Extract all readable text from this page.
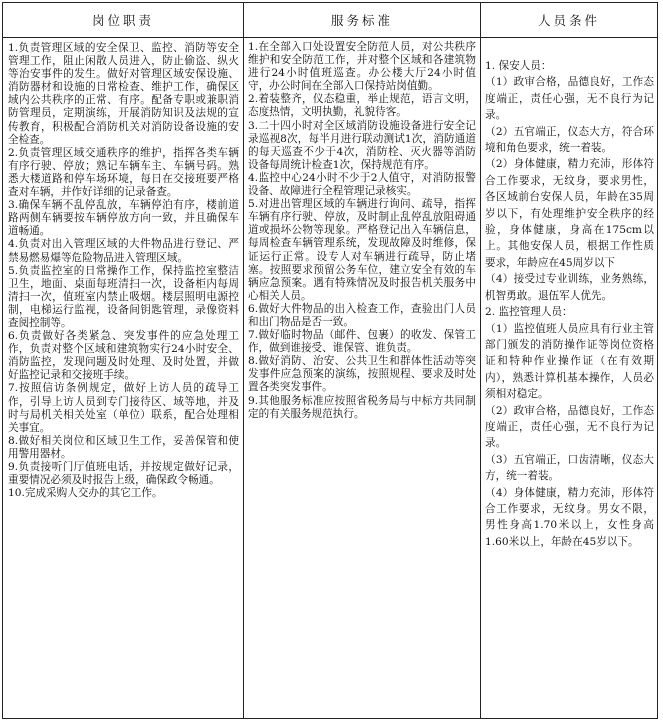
岗位职责	服务标准	人员条件

1.负责管理区域的安全保卫、监控、消防等安全管理工作，阻止闲散人员进入，防止偷盗、纵火等治安事件的发生。做好对管理区域安保设施、消防器材和设施的日常检查、维护工作，确保区域内公共秩序的正常、有序。配备专职或兼职消防管理员，定期演练，开展消防知识及法规的宣传教育，积极配合消防机关对消防设备设施的安全检查。

2.负责管理区域交通秩序的维护，指挥各类车辆有序行驶、停放；熟记车辆车主、车辆号码。熟悉大楼道路和停车场环境，每日在交接班要严格查对车辆，并作好详细的记录备查。

3.确保车辆不乱停乱放，车辆停泊有序，楼前道路两侧车辆要按车辆停放方向一致，并且确保车道畅通。

4.负责对出入管理区域的大件物品进行登记、严禁易燃易爆等危险物品进入管理区域。

5.负责监控室的日常操作工作，保持监控室整洁卫生，地面、桌面每班清扫一次，设备柜内每周清扫一次，值班室内禁止吸烟。楼层照明电源控制，电梯运行监视，设备间钥匙管理，录像资料查阅控制等。

6.负责做好各类紧急、突发事件的应急处理工作，负责对整个区域和建筑物实行24小时安全、消防监控，发现问题及时处理、及时处置，并做好监控记录和交接班手续。

7.按照信访条例规定，做好上访人员的疏导工作，引导上访人员到专门接待区、域等地，并及时与局机关相关处室（单位）联系，配合处理相关事宜。

8.做好相关岗位和区域卫生工作，妥善保管和使用警用器材。

9.负责接听门厅值班电话，并按规定做好记录，重要情况必须及时报告上级，确保政令畅通。

10.完成采购人交办的其它工作。

1.在全部入口处设置安全防范人员，对公共秩序维护和安全防范工作，并对整个区域和各建筑物进行24小时值班巡查。办公楼大厅24小时值守，办公时间在全部入口保持站岗值勤。

2.着装整齐，仪态稳重，举止规范，语言文明，态度热情，文明执勤，礼貌待客。

3.二十四小时对全区域消防设施设备进行安全记录巡视8次，每半月进行联动测试1次，消防通道的每天巡查不少于4次，消防栓、灭火器等消防设备每周统计检查1次，保持规范有序。

4.监控中心24小时不少于2人值守，对消防报警设备、故障进行全程管理记录核实。

5.对进出管理区域的车辆进行询问、疏导，指挥车辆有序行驶、停放，及时制止乱停乱放阻碍通道或损坏公物等现象。严格登记出入车辆信息，每周检查车辆管理系统，发现故障及时维修，保证运行正常。设专人对车辆进行疏导，防止堵塞。按照要求预留公务车位，建立安全有效的车辆应急预案。遇有特殊情况及时报告机关服务中心相关人员。

6.做好大件物品的出入检查工作，查验出门人员和出门物品是否一致。

7.做好临时物品（邮件、包裹）的收发、保管工作，做到谁接受、谁保管、谁负责。

8.做好消防、治安、公共卫生和群体性活动等突发事件应急预案的演练，按照规程、要求及时处置各类突发事件。

9.其他服务标准应按照省税务局与中标方共同制定的有关服务规范执行。

1. 保安人员：

（1）政审合格，品德良好，工作态度端正，责任心强，无不良行为记录。

（2）五官端正，仪态大方，符合环境和角色要求，统一着装。

（2）身体健康，精力充沛，形体符合工作要求，无纹身，要求男性，各区域前台安保人员，年龄在35周岁以下，有处理维护安全秩序的经验，身体健康，身高在175cm以上。其他安保人员，根据工作性质要求，年龄应在45周岁以下

（4）接受过专业训练，业务熟练，机智勇敢。退伍军人优先。

2. 监控管理人员：

（1）监控值班人员应具有行业主管部门颁发的消防操作证等岗位资格证和特种作业操作证（在有效期内），熟悉计算机基本操作，人员必须相对稳定。

（2）政审合格，品德良好，工作态度端正，责任心强，无不良行为记录。

（3）五官端正，口齿清晰，仪态大方，统一着装。

（4）身体健康，精力充沛，形体符合工作要求，无纹身。男女不限，男性身高1.70米以上，女性身高1.60米以上，年龄在45岁以下。
